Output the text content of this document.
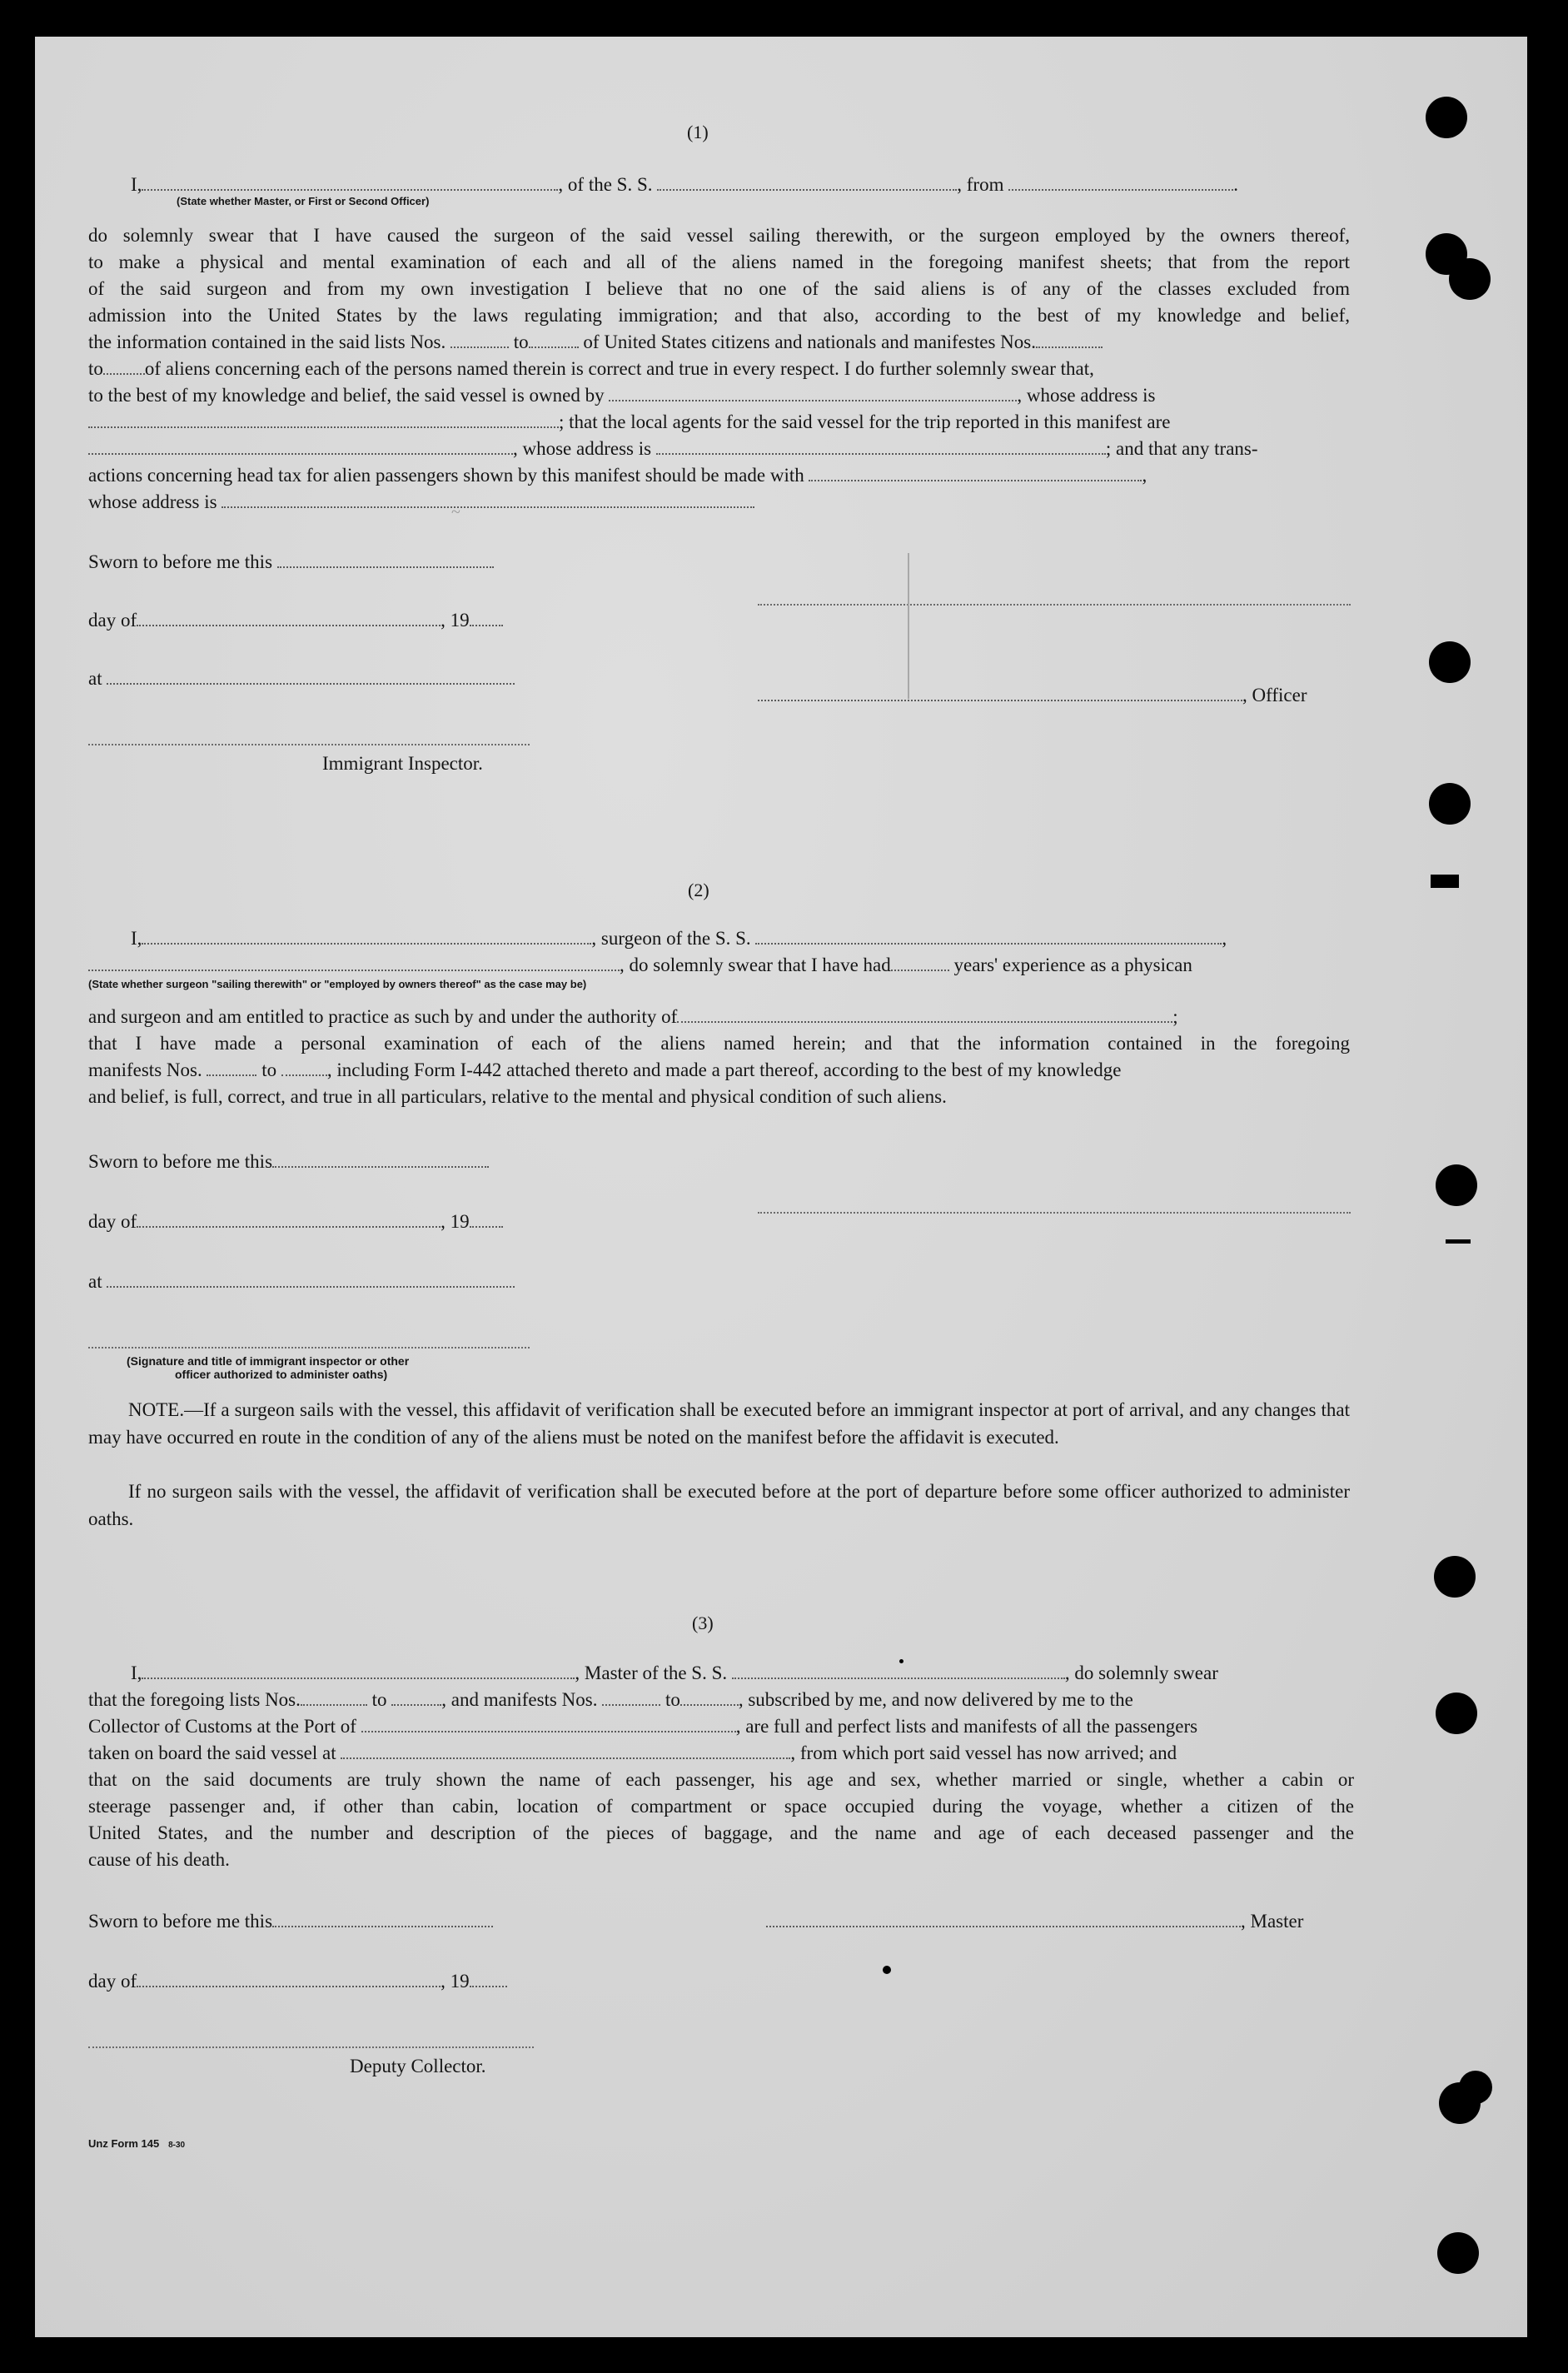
(1)
I,	, of the S. S.	, from	.
(State whether Master, or First or Second Officer)
do solemnly swear that I have caused the surgeon of the said vessel sailing therewith, or the surgeon employed by the owners thereof,
to make a physical and mental examination of each and all of the aliens named in the foregoing manifest sheets; that from the report
of the said surgeon and from my own investigation I believe that no one of the said aliens is of any of the classes excluded from
admission into the United States by the laws regulating immigration; and that also, according to the best of my knowledge and belief,
the information contained in the said lists Nos.	to	of United States citizens and nationals and manifestes Nos.
to of aliens concerning each of the persons named therein is correct and true in every respect. I do further solemnly swear that,
to the best of my knowledge and belief, the said vessel is owned by	, whose address is
; that the local agents for the said vessel for the trip reported in this manifest are
, whose address is	; and that any trans-
actions concerning head tax for alien passengers shown by this manifest should be made with	,
whose address is	~
Sworn to before me this
day of	, 19
at
Immigrant Inspector.
, Officer
(2)
I,	, surgeon of the S. S.	,
, do solemnly swear that I have had	years' experience as a physican
(State whether surgeon "sailing therewith" or "employed by owners thereof" as the case may be)
and surgeon and am entitled to practice as such by and under the authority of	;
that I have made a personal examination of each of the aliens named herein; and that the information contained in the foregoing
manifests Nos.	to	, including Form I-442 attached thereto and made a part thereof, according to the best of my knowledge
and belief, is full, correct, and true in all particulars, relative to the mental and physical condition of such aliens.
Sworn to before me this
day of	, 19
at
(Signature and title of immigrant inspector or other
officer authorized to administer oaths)
NOTE.—If a surgeon sails with the vessel, this affidavit of verification shall be executed before an immigrant inspector at port of arrival, and any changes that may have occurred en route in the condition of any of the aliens must be noted on the manifest before the affidavit is executed.
If no surgeon sails with the vessel, the affidavit of verification shall be executed before at the port of departure before some officer authorized to administer oaths.
(3)
I,	, Master of the S. S.	, do solemnly swear
that the foregoing lists Nos.	to	, and manifests Nos.	to	, subscribed by me, and now delivered by me to the
Collector of Customs at the Port of	, are full and perfect lists and manifests of all the passengers
taken on board the said vessel at	, from which port said vessel has now arrived; and
that on the said documents are truly shown the name of each passenger, his age and sex, whether married or single, whether a cabin or
steerage passenger and, if other than cabin, location of compartment or space occupied during the voyage, whether a citizen of the
United States, and the number and description of the pieces of baggage, and the name and age of each deceased passenger and the
cause of his death.
Sworn to before me this	, Master
day of	, 19
Deputy Collector.
Unz Form 145 8-30
